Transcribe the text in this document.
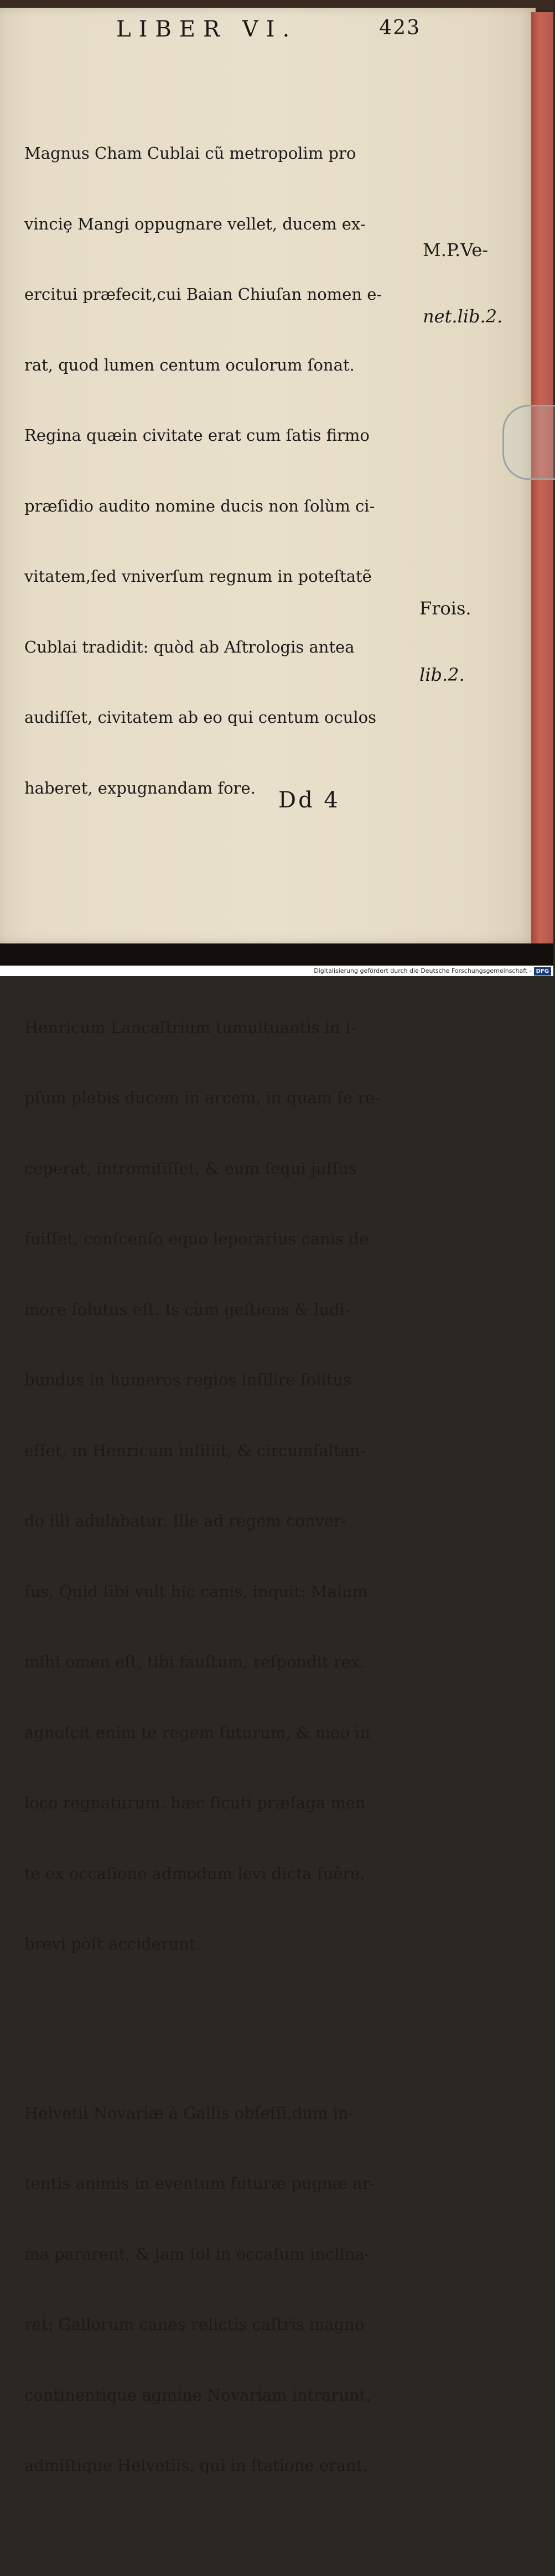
LIBER VI.	423

Magnus Cham Cublai cũ metropolim pro

vinciȩ Mangi oppugnare vellet, ducem ex-

ercitui præfecit,cui Baian Chiuſan nomen e-

rat, quod lumen centum oculorum ſonat.

Regina quæin civitate erat cum ſatis firmo

præſidio audito nomine ducis non ſolùm ci-

vitatem,ſed vniverſum regnum in poteſtatẽ

Cublai tradidit: quòd ab Aſtrologis antea

audiſſet, civitatem ab eo qui centum oculos

haberet, expugnandam fore.

Henricum Lancaſtrium tumultuantis in i-

pſum plebis ducem in arcem, in quam ſe re-

ceperat, intromiſiſſet, & eum ſequi juſſus

fuiſſet, conſcenſo equo leporarius canis de

more ſolutus eſt. Is cùm geſtiens & ludi-

bundus in humeros regios inſilire ſolitus

eſſet, in Henricum inſiliit, & circumſaltan-

do illi adulabatur. Ille ad regem conver-

ſus, Quid ſibi vult hic canis, inquit: Malum

mihi omen eſt, tibi fauſtum, reſpondit rex.

agnoſcit enim te regem futurum, & meo in

loco regnaturum. hæc ſicuti præſaga men

te ex occaſione admodum levi dicta fuêre,

brevi pòſt acciderunt.

Helvetii Novariæ à Gallis obſeſſi,dum in-

tentis animis in eventum futuræ pugnæ ar-

ma pararent, & jam ſol in occaſum inclina-

ret: Gallorum canes relictis caſtris magno

continentique agmine Novariam intrarunt,

admiſtique Helvetiis, qui in ſtatione erant,

M.P.Ve-

net.lib.2.

Frois.

lib.2.

Dd 4
Digitalisierung gefördert durch die Deutsche Forschungsgemeinschaft - DFG
